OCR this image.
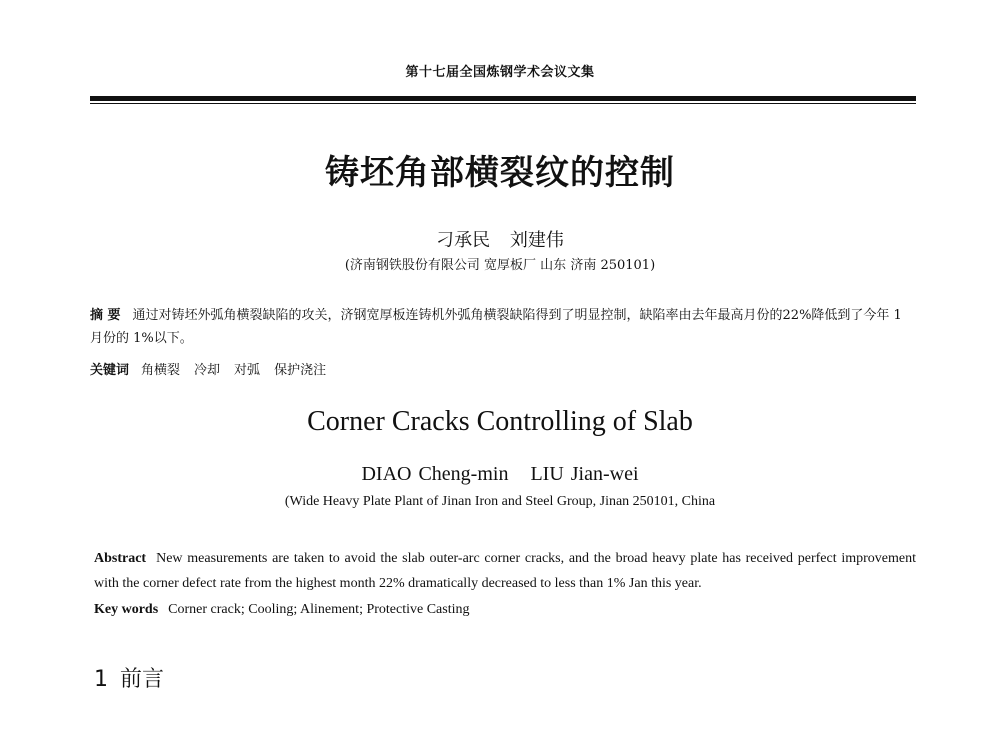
第十七届全国炼钢学术会议文集
铸坯角部横裂纹的控制
刁承民 刘建伟
(济南钢铁股份有限公司 宽厚板厂 山东 济南 250101)
摘 要 通过对铸坯外弧角横裂缺陷的攻关，济钢宽厚板连铸机外弧角横裂缺陷得到了明显控制，缺陷率由去年最高月份的22%降低到了今年 1 月份的 1%以下。
关键词 角横裂 冷却 对弧 保护浇注
Corner Cracks Controlling of Slab
DIAO Cheng-min LIU Jian-wei
(Wide Heavy Plate Plant of Jinan Iron and Steel Group, Jinan 250101, China
Abstract New measurements are taken to avoid the slab outer-arc corner cracks, and the broad heavy plate has received perfect improvement with the corner defect rate from the highest month 22% dramatically decreased to less than 1% Jan this year.
Key words Corner crack; Cooling; Alinement; Protective Casting
1 前言
